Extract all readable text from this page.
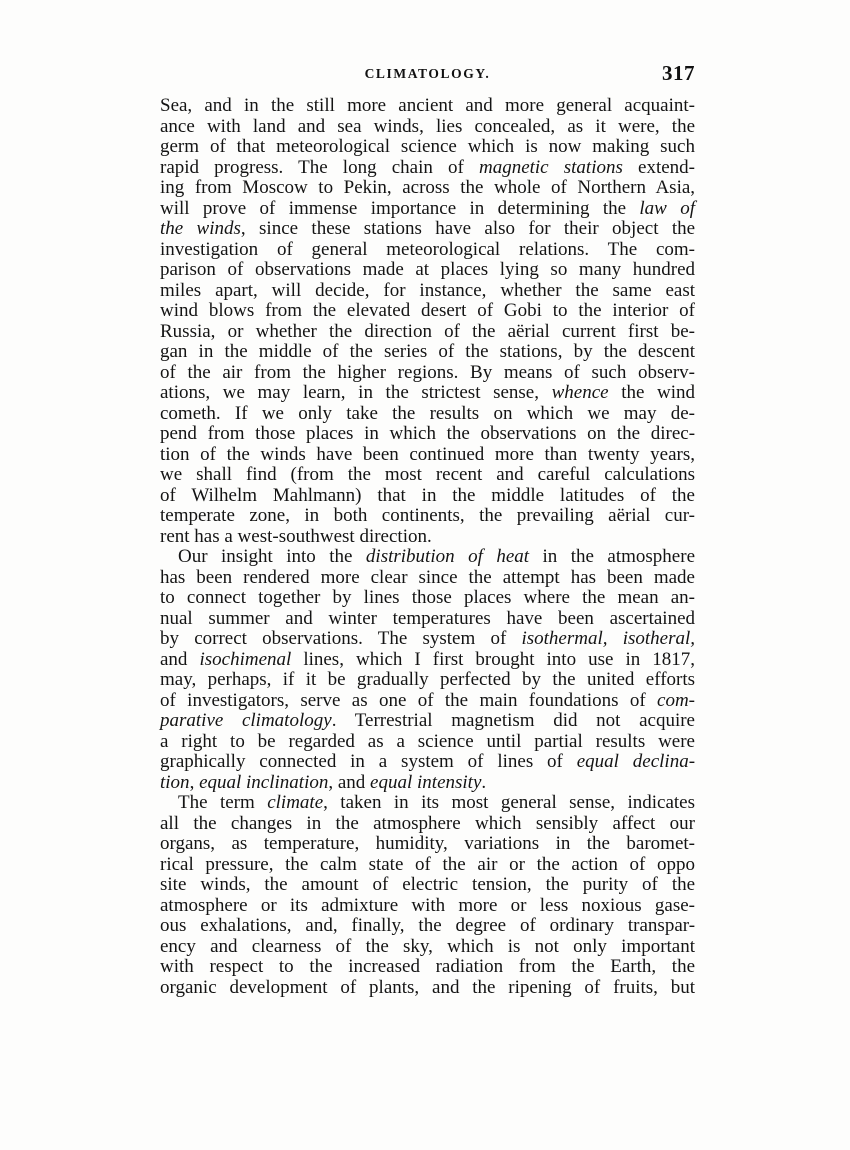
CLIMATOLOGY.	317
Sea, and in the still more ancient and more general acquaint-
ance with land and sea winds, lies concealed, as it were, the
germ of that meteorological science which is now making such
rapid progress. The long chain of magnetic stations extend-
ing from Moscow to Pekin, across the whole of Northern Asia,
will prove of immense importance in determining the law of
the winds, since these stations have also for their object the
investigation of general meteorological relations. The com-
parison of observations made at places lying so many hundred
miles apart, will decide, for instance, whether the same east
wind blows from the elevated desert of Gobi to the interior of
Russia, or whether the direction of the aërial current first be-
gan in the middle of the series of the stations, by the descent
of the air from the higher regions. By means of such observ-
ations, we may learn, in the strictest sense, whence the wind
cometh. If we only take the results on which we may de-
pend from those places in which the observations on the direc-
tion of the winds have been continued more than twenty years,
we shall find (from the most recent and careful calculations
of Wilhelm Mahlmann) that in the middle latitudes of the
temperate zone, in both continents, the prevailing aërial cur-
rent has a west-southwest direction.
Our insight into the distribution of heat in the atmosphere
has been rendered more clear since the attempt has been made
to connect together by lines those places where the mean an-
nual summer and winter temperatures have been ascertained
by correct observations. The system of isothermal, isotheral,
and isochimenal lines, which I first brought into use in 1817,
may, perhaps, if it be gradually perfected by the united efforts
of investigators, serve as one of the main foundations of com-
parative climatology. Terrestrial magnetism did not acquire
a right to be regarded as a science until partial results were
graphically connected in a system of lines of equal declina-
tion, equal inclination, and equal intensity.
The term climate, taken in its most general sense, indicates
all the changes in the atmosphere which sensibly affect our
organs, as temperature, humidity, variations in the baromet-
rical pressure, the calm state of the air or the action of oppo
site winds, the amount of electric tension, the purity of the
atmosphere or its admixture with more or less noxious gase-
ous exhalations, and, finally, the degree of ordinary transpar-
ency and clearness of the sky, which is not only important
with respect to the increased radiation from the Earth, the
organic development of plants, and the ripening of fruits, but
